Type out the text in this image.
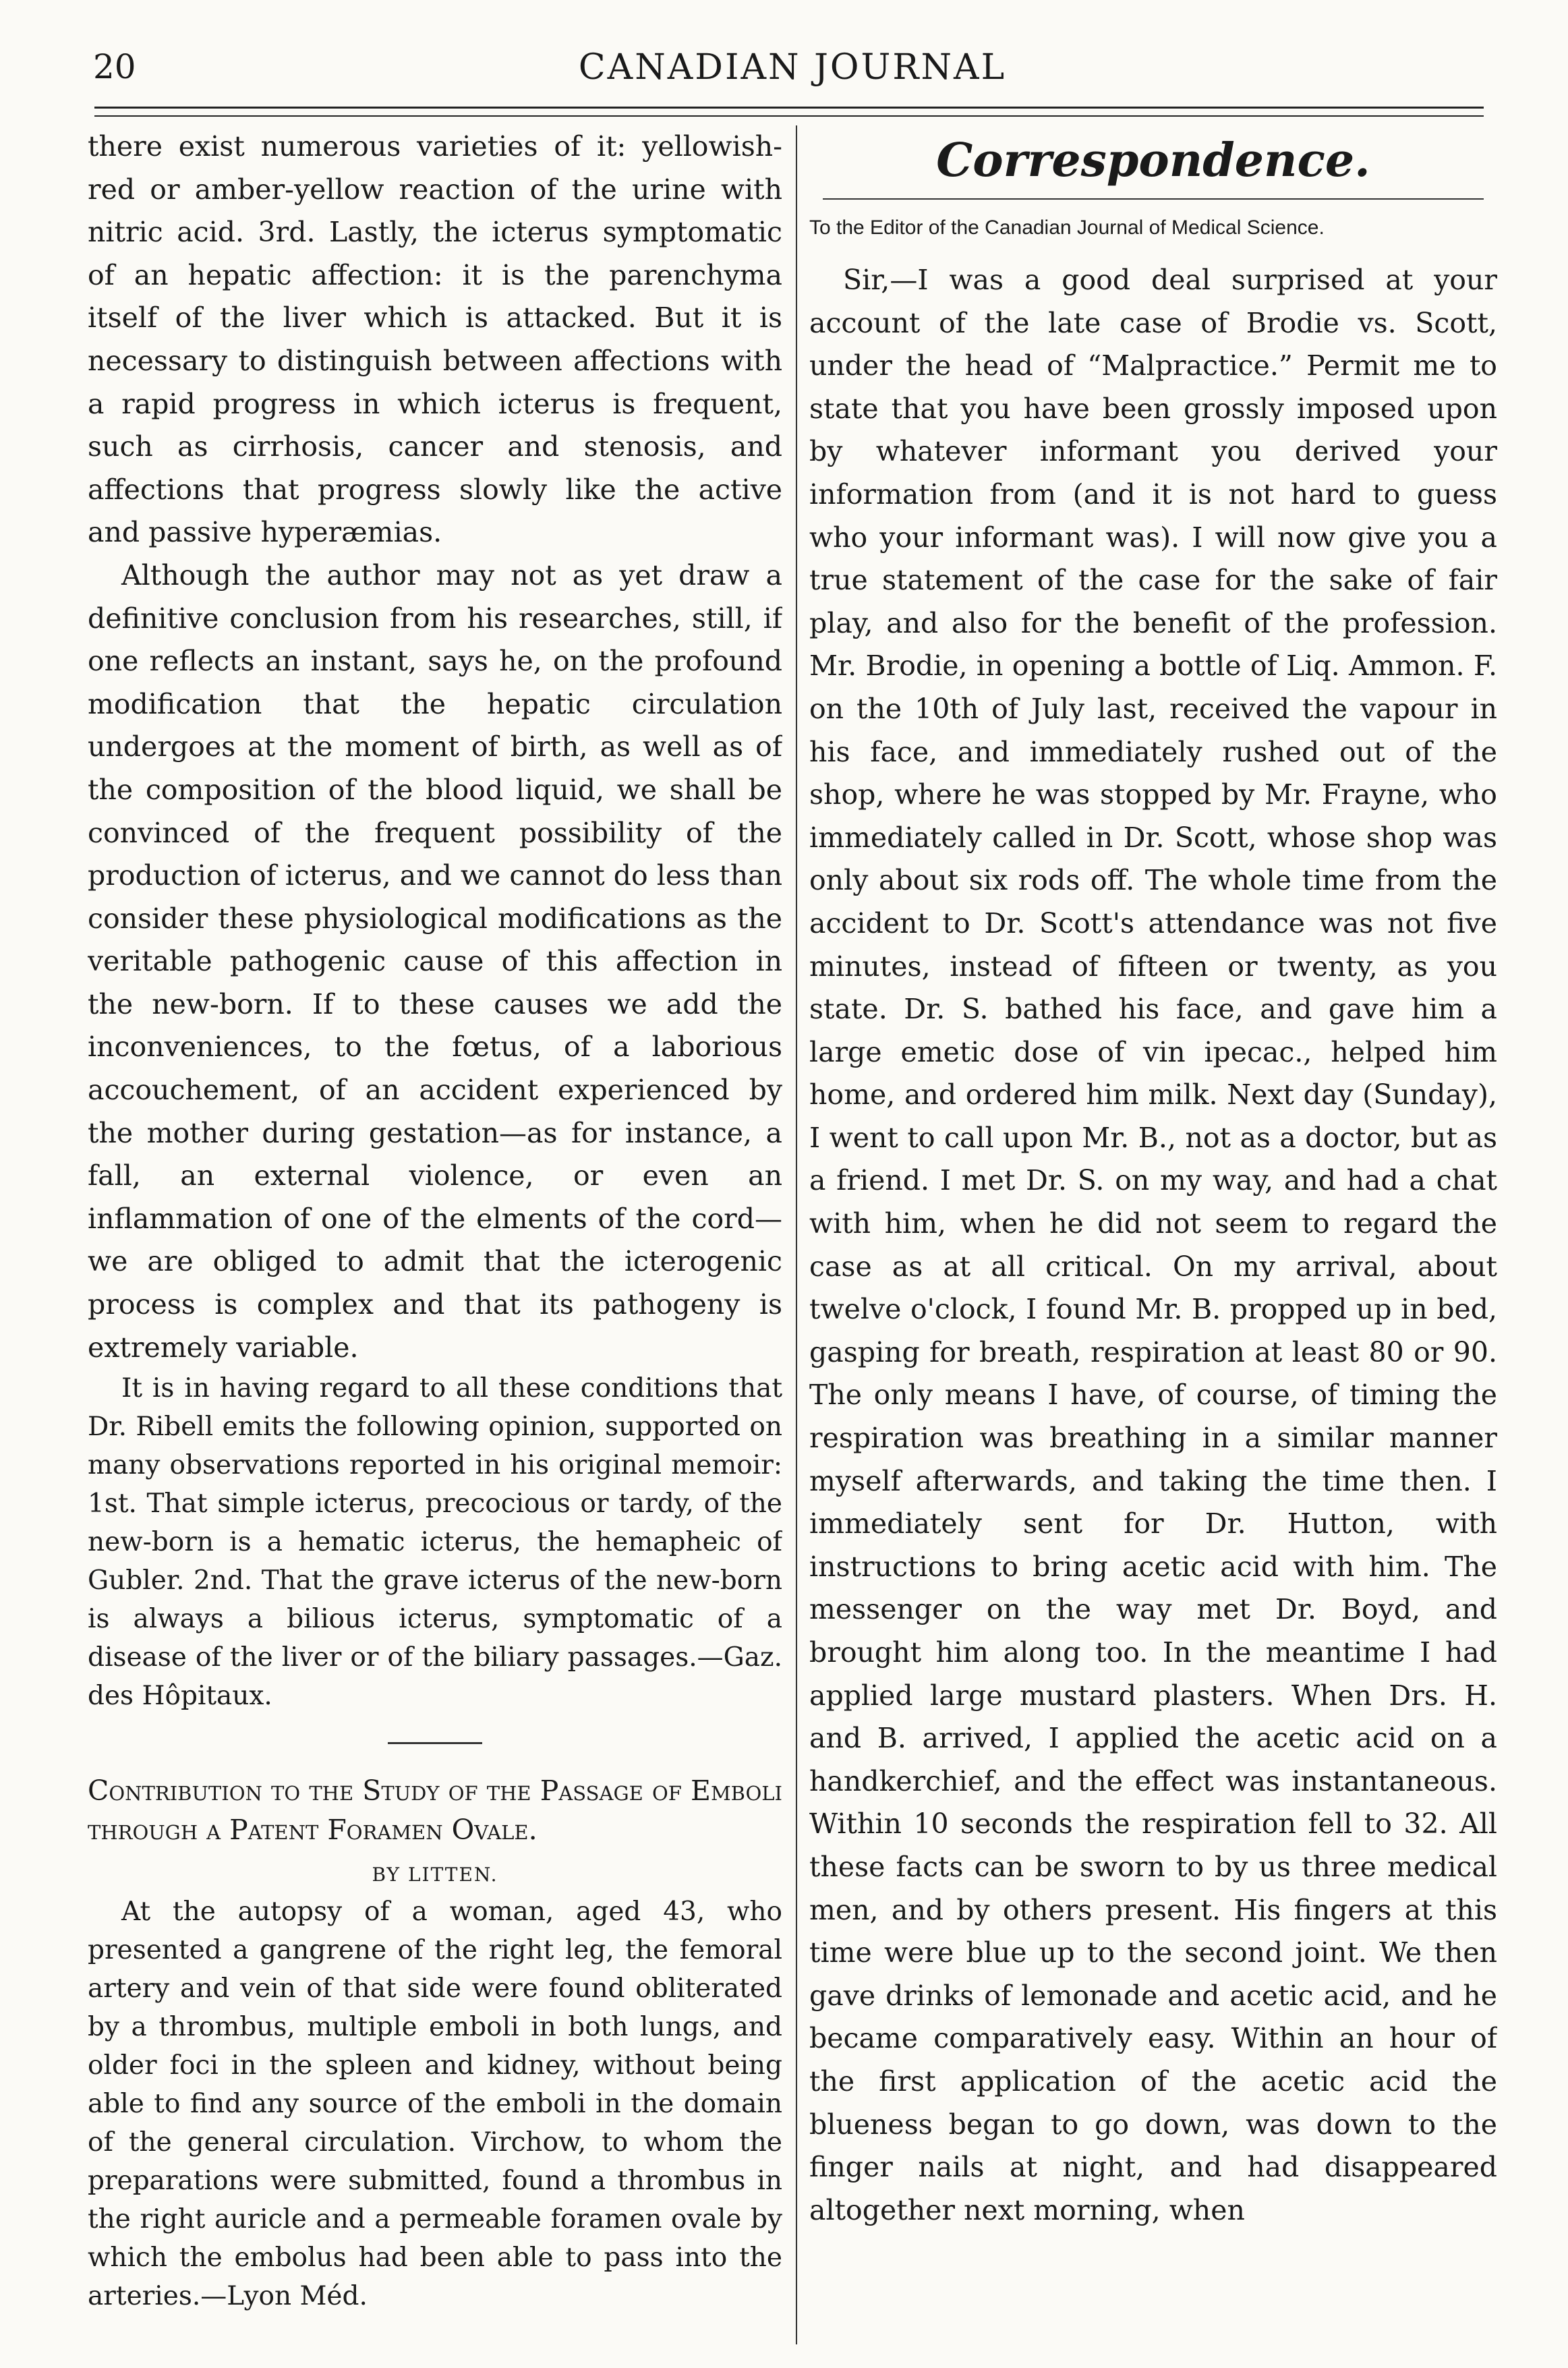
20	CANADIAN JOURNAL

there exist numerous varieties of it: yellowish-red or amber-yellow reaction of the urine with nitric acid. 3rd. Lastly, the icterus symptomatic of an hepatic affection: it is the parenchyma itself of the liver which is attacked. But it is necessary to distinguish between affections with a rapid progress in which icterus is frequent, such as cirrhosis, cancer and stenosis, and affections that progress slowly like the active and passive hyperæmias.

Although the author may not as yet draw a definitive conclusion from his researches, still, if one reflects an instant, says he, on the profound modification that the hepatic circulation undergoes at the moment of birth, as well as of the composition of the blood liquid, we shall be convinced of the frequent possibility of the production of icterus, and we cannot do less than consider these physiological modifications as the veritable pathogenic cause of this affection in the new-born. If to these causes we add the inconveniences, to the fœtus, of a laborious accouchement, of an accident experienced by the mother during gestation—as for instance, a fall, an external violence, or even an inflammation of one of the elments of the cord—we are obliged to admit that the icterogenic process is complex and that its pathogeny is extremely variable.

It is in having regard to all these conditions that Dr. Ribell emits the following opinion, supported on many observations reported in his original memoir: 1st. That simple icterus, precocious or tardy, of the new-born is a hematic icterus, the hemapheic of Gubler. 2nd. That the grave icterus of the new-born is always a bilious icterus, symptomatic of a disease of the liver or of the biliary passages.—Gaz. des Hôpitaux.

Contribution to the Study of the Passage of Emboli through a Patent Foramen Ovale.
BY LITTEN.

At the autopsy of a woman, aged 43, who presented a gangrene of the right leg, the femoral artery and vein of that side were found obliterated by a thrombus, multiple emboli in both lungs, and older foci in the spleen and kidney, without being able to find any source of the emboli in the domain of the general circulation. Virchow, to whom the preparations were submitted, found a thrombus in the right auricle and a permeable foramen ovale by which the embolus had been able to pass into the arteries.—Lyon Méd.

Correspondence.
To the Editor of the Canadian Journal of Medical Science.

Sir,—I was a good deal surprised at your account of the late case of Brodie vs. Scott, under the head of “Malpractice.” Permit me to state that you have been grossly imposed upon by whatever informant you derived your information from (and it is not hard to guess who your informant was). I will now give you a true statement of the case for the sake of fair play, and also for the benefit of the profession. Mr. Brodie, in opening a bottle of Liq. Ammon. F. on the 10th of July last, received the vapour in his face, and immediately rushed out of the shop, where he was stopped by Mr. Frayne, who immediately called in Dr. Scott, whose shop was only about six rods off. The whole time from the accident to Dr. Scott's attendance was not five minutes, instead of fifteen or twenty, as you state. Dr. S. bathed his face, and gave him a large emetic dose of vin ipecac., helped him home, and ordered him milk. Next day (Sunday), I went to call upon Mr. B., not as a doctor, but as a friend. I met Dr. S. on my way, and had a chat with him, when he did not seem to regard the case as at all critical. On my arrival, about twelve o'clock, I found Mr. B. propped up in bed, gasping for breath, respiration at least 80 or 90. The only means I have, of course, of timing the respiration was breathing in a similar manner myself afterwards, and taking the time then. I immediately sent for Dr. Hutton, with instructions to bring acetic acid with him. The messenger on the way met Dr. Boyd, and brought him along too. In the meantime I had applied large mustard plasters. When Drs. H. and B. arrived, I applied the acetic acid on a handkerchief, and the effect was instantaneous. Within 10 seconds the respiration fell to 32. All these facts can be sworn to by us three medical men, and by others present. His fingers at this time were blue up to the second joint. We then gave drinks of lemonade and acetic acid, and he became comparatively easy. Within an hour of the first application of the acetic acid the blueness began to go down, was down to the finger nails at night, and had disappeared altogether next morning, when
